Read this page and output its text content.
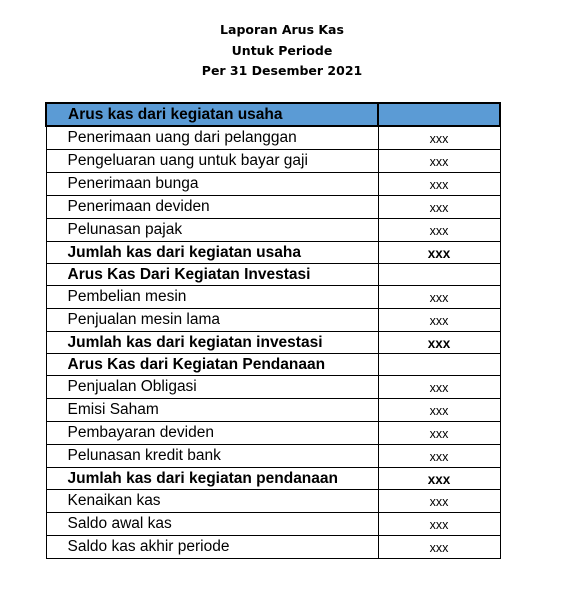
Laporan Arus Kas
Untuk Periode
Per 31 Desember 2021
Arus kas dari kegiatan usaha	
Penerimaan uang dari pelanggan	xxx
Pengeluaran uang untuk bayar gaji	xxx
Penerimaan bunga	xxx
Penerimaan deviden	xxx
Pelunasan pajak	xxx
Jumlah kas dari kegiatan usaha	xxx
Arus Kas Dari Kegiatan Investasi	
Pembelian mesin	xxx
Penjualan mesin lama	xxx
Jumlah kas dari kegiatan investasi	xxx
Arus Kas dari Kegiatan Pendanaan	
Penjualan Obligasi	xxx
Emisi Saham	xxx
Pembayaran deviden	xxx
Pelunasan kredit bank	xxx
Jumlah kas dari kegiatan pendanaan	xxx
Kenaikan kas	xxx
Saldo awal kas	xxx
Saldo kas akhir periode	xxx
